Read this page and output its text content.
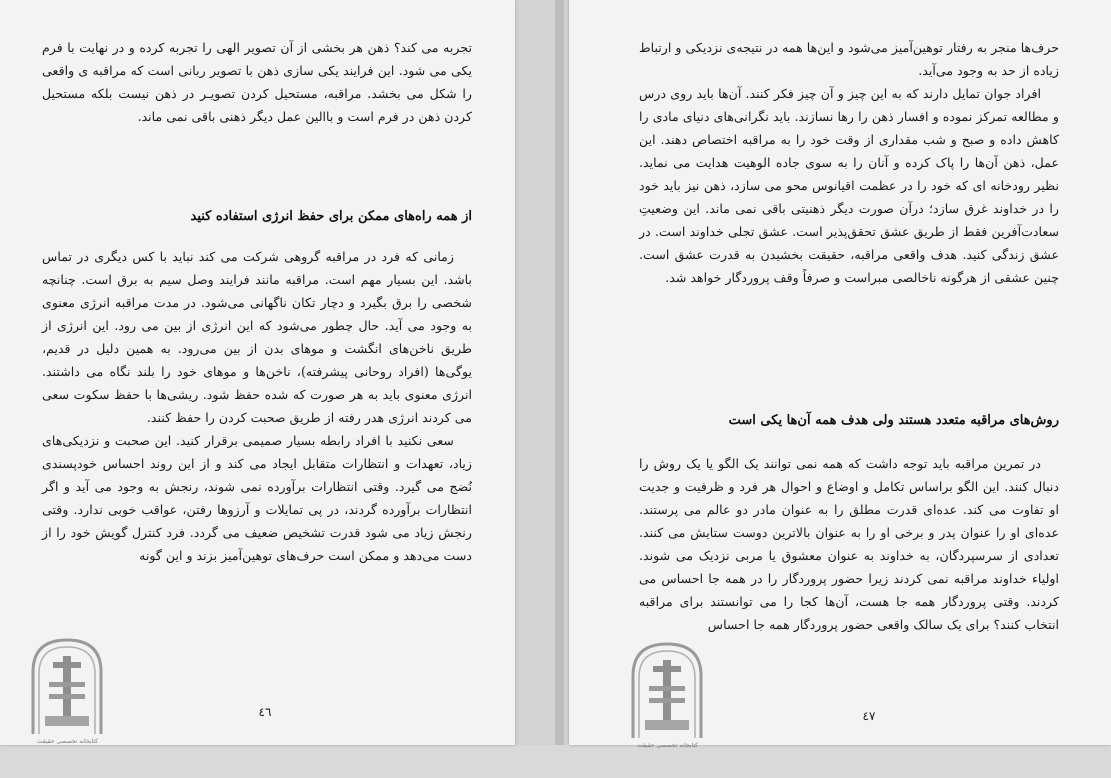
تجربه می کند؟ ذهن هر بخشی از آن تصویر الهی را تجربه کرده و در نهایت با فرم یکی می شود. این فرایند یکی سازی ذهن با تصویر ربانی است که مراقبه ی واقعی را شکل می بخشد. مراقبه، مستحیل کردن تصویـر در ذهن نیست بلکه مستحیل کردن ذهن در فرم است و باالین عمل دیگر ذهنی باقی نمی ماند.

از همه راه‌های ممکن برای حفظ انرژی استفاده کنید

زمانی که فرد در مراقبه گروهی شرکت می کند نباید با کس دیگری در تماس باشد. این بسیار مهم است. مراقبه مانند فرایند وصل سیم به برق است. چنانچه شخصی را برق بگیرد و دچار تکان ناگهانی می‌شود. در مدت مراقبه انرژی معنوی به وجود می آید. حال چطور می‌شود که این انرژی از بین می رود. این انرژی از طریق ناخن‌های انگشت و موهای بدن از بین می‌رود. به همین دلیل در قدیم، یوگی‌ها (افراد روحانی پیشرفته)، ناخن‌ها و موهای خود را بلند نگاه می داشتند. انرژی معنوی باید به هر صورت که شده حفظ شود. ریشی‌ها با حفظ سکوت سعی می کردند انرژی هدر رفته از طریق صحبت کردن را حفظ کنند.

سعی نکنید با افراد رابطه بسیار صمیمی برقرار کنید. این صحبت و نزدیکی‌های زیاد، تعهدات و انتظارات متقابل ایجاد می کند و از این روند احساس خودپسندی نُضج می گیرد. وقتی انتظارات برآورده نمی شوند، رنجش به وجود می آید و اگر انتظارات برآورده گردند، در پی تمایلات و آرزوها رفتن، عواقب خوبی ندارد. وقتی رنجش زیاد می شود قدرت تشخیص ضعیف می گردد. فرد کنترل گویش خود را از دست می‌دهد و ممکن است حرف‌های توهین‌آمیز بزند و این گونه

٤٦
کتابخانه تخصصی حقیقت

حرف‌ها منجر به رفتار توهین‌آمیز می‌شود و این‌ها همه در نتیجه‌ی نزدیکی و ارتباط زیاده از حد به وجود می‌آید.

افراد جوان تمایل دارند که به این چیز و آن چیز فکر کنند. آن‌ها باید روی درس و مطالعه تمرکز نموده و افسار ذهن را رها نسازند. باید نگرانی‌های دنیای مادی را کاهش داده و صبح و شب مقداری از وقت خود را به مراقبه اختصاص دهند. این عمل، ذهن آن‌ها را پاک کرده و آنان را به سوی جاده الوهیت هدایت می نماید. نظیر رودخانه ای که خود را در عظمت اقیانوس محو می سازد، ذهن نیز باید خود را در خداوند غرق سازد؛ درآن صورت دیگر ذهنیتی باقی نمی ماند. این وضعیتِ سعادت‌آفرین فقط از طریق عشق تحقق‌پذیر است. عشق تجلی خداوند است. در عشق زندگی کنید. هدف واقعی مراقبه، حقیقت بخشیدن به قدرت عشق است. چنین عشقی از هرگونه ناخالصی مبراست و صرفاً وقف پروردگار خواهد شد.

روش‌های مراقبه متعدد هستند ولی هدف همه آن‌ها یکی است

در تمرین مراقبه باید توجه داشت که همه نمی توانند یک الگو یا یک روش را دنبال کنند. این الگو براساس تکامل و اوضاع و احوال هر فرد و ظرفیت و جدیت او تفاوت می کند. عده‌ای قدرت مطلق را به عنوان مادر دو عالم می پرستند. عده‌ای او را عنوان پدر و برخی او را به عنوان بالاترین دوست ستایش می کنند. تعدادی از سرسپردگان، به خداوند به عنوان معشوق یا مربی نزدیک می شوند. اولیاء خداوند مراقبه نمی کردند زیرا حضور پروردگار را در همه جا احساس می کردند. وقتی پروردگار همه جا هست، آن‌ها کجا را می توانستند برای مراقبه انتخاب کنند؟ برای یک سالک واقعی حضور پروردگار همه جا احساس

٤٧
کتابخانه تخصصی حقیقت
